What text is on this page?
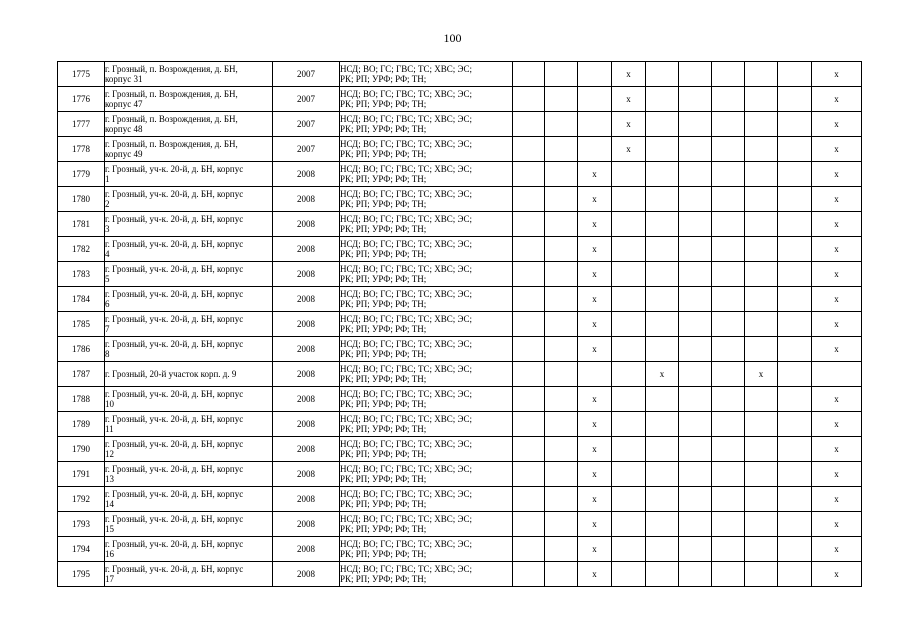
100
1775	г. Грозный, п. Возрождения, д. БН,
корпус 31	2007	НСД; ВО; ГС; ГВС; ТС; ХВС; ЭС;
РК; РП; УРФ; РФ; ТН;				x						x
1776	г. Грозный, п. Возрождения, д. БН,
корпус 47	2007	НСД; ВО; ГС; ГВС; ТС; ХВС; ЭС;
РК; РП; УРФ; РФ; ТН;				x						x
1777	г. Грозный, п. Возрождения, д. БН,
корпус 48	2007	НСД; ВО; ГС; ГВС; ТС; ХВС; ЭС;
РК; РП; УРФ; РФ; ТН;				x						x
1778	г. Грозный, п. Возрождения, д. БН,
корпус 49	2007	НСД; ВО; ГС; ГВС; ТС; ХВС; ЭС;
РК; РП; УРФ; РФ; ТН;				x						x
1779	г. Грозный, уч-к. 20-й, д. БН, корпус
1	2008	НСД; ВО; ГС; ГВС; ТС; ХВС; ЭС;
РК; РП; УРФ; РФ; ТН;			x							x
1780	г. Грозный, уч-к. 20-й, д. БН, корпус
2	2008	НСД; ВО; ГС; ГВС; ТС; ХВС; ЭС;
РК; РП; УРФ; РФ; ТН;			x							x
1781	г. Грозный, уч-к. 20-й, д. БН, корпус
3	2008	НСД; ВО; ГС; ГВС; ТС; ХВС; ЭС;
РК; РП; УРФ; РФ; ТН;			x							x
1782	г. Грозный, уч-к. 20-й, д. БН, корпус
4	2008	НСД; ВО; ГС; ГВС; ТС; ХВС; ЭС;
РК; РП; УРФ; РФ; ТН;			x							x
1783	г. Грозный, уч-к. 20-й, д. БН, корпус
5	2008	НСД; ВО; ГС; ГВС; ТС; ХВС; ЭС;
РК; РП; УРФ; РФ; ТН;			x							x
1784	г. Грозный, уч-к. 20-й, д. БН, корпус
6	2008	НСД; ВО; ГС; ГВС; ТС; ХВС; ЭС;
РК; РП; УРФ; РФ; ТН;			x							x
1785	г. Грозный, уч-к. 20-й, д. БН, корпус
7	2008	НСД; ВО; ГС; ГВС; ТС; ХВС; ЭС;
РК; РП; УРФ; РФ; ТН;			x							x
1786	г. Грозный, уч-к. 20-й, д. БН, корпус
8	2008	НСД; ВО; ГС; ГВС; ТС; ХВС; ЭС;
РК; РП; УРФ; РФ; ТН;			x							x
1787	г. Грозный, 20-й участок корп. д. 9	2008	НСД; ВО; ГС; ГВС; ТС; ХВС; ЭС;
РК; РП; УРФ; РФ; ТН;					x			x		
1788	г. Грозный, уч-к. 20-й, д. БН, корпус
10	2008	НСД; ВО; ГС; ГВС; ТС; ХВС; ЭС;
РК; РП; УРФ; РФ; ТН;			x							x
1789	г. Грозный, уч-к. 20-й, д. БН, корпус
11	2008	НСД; ВО; ГС; ГВС; ТС; ХВС; ЭС;
РК; РП; УРФ; РФ; ТН;			x							x
1790	г. Грозный, уч-к. 20-й, д. БН, корпус
12	2008	НСД; ВО; ГС; ГВС; ТС; ХВС; ЭС;
РК; РП; УРФ; РФ; ТН;			x							x
1791	г. Грозный, уч-к. 20-й, д. БН, корпус
13	2008	НСД; ВО; ГС; ГВС; ТС; ХВС; ЭС;
РК; РП; УРФ; РФ; ТН;			x							x
1792	г. Грозный, уч-к. 20-й, д. БН, корпус
14	2008	НСД; ВО; ГС; ГВС; ТС; ХВС; ЭС;
РК; РП; УРФ; РФ; ТН;			x							x
1793	г. Грозный, уч-к. 20-й, д. БН, корпус
15	2008	НСД; ВО; ГС; ГВС; ТС; ХВС; ЭС;
РК; РП; УРФ; РФ; ТН;			x							x
1794	г. Грозный, уч-к. 20-й, д. БН, корпус
16	2008	НСД; ВО; ГС; ГВС; ТС; ХВС; ЭС;
РК; РП; УРФ; РФ; ТН;			x							x
1795	г. Грозный, уч-к. 20-й, д. БН, корпус
17	2008	НСД; ВО; ГС; ГВС; ТС; ХВС; ЭС;
РК; РП; УРФ; РФ; ТН;			x							x
